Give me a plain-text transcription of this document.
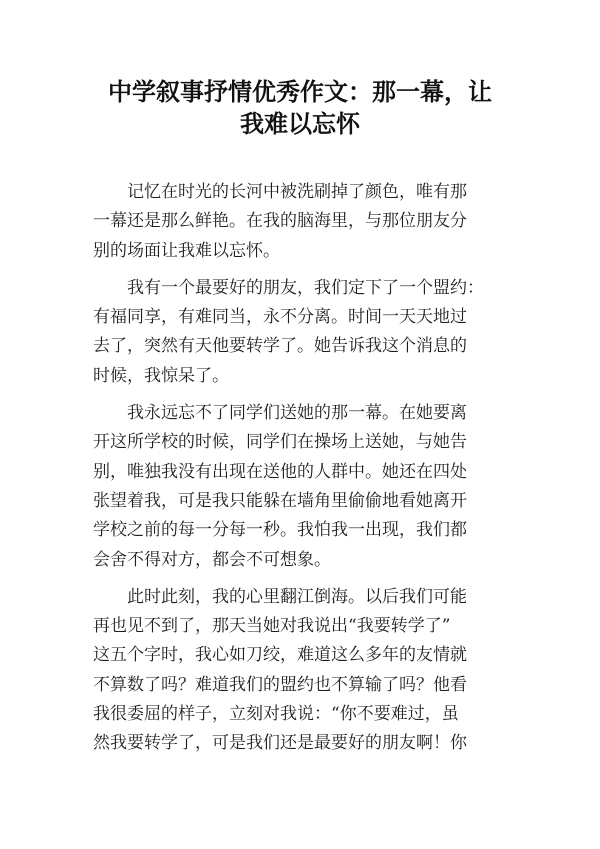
中学叙事抒情优秀作文：那一幕，让
我难以忘怀

记忆在时光的长河中被洗刷掉了颜色，唯有那
一幕还是那么鲜艳。在我的脑海里，与那位朋友分
别的场面让我难以忘怀。

我有一个最要好的朋友，我们定下了一个盟约：
有福同享，有难同当，永不分离。时间一天天地过
去了，突然有天他要转学了。她告诉我这个消息的
时候，我惊呆了。

我永远忘不了同学们送她的那一幕。在她要离
开这所学校的时候，同学们在操场上送她，与她告
别，唯独我没有出现在送他的人群中。她还在四处
张望着我，可是我只能躲在墙角里偷偷地看她离开
学校之前的每一分每一秒。我怕我一出现，我们都
会舍不得对方，都会不可想象。

此时此刻，我的心里翻江倒海。以后我们可能
再也见不到了，那天当她对我说出“我要转学了”
这五个字时，我心如刀绞，难道这么多年的友情就
不算数了吗？难道我们的盟约也不算输了吗？他看
我很委屈的样子，立刻对我说：“你不要难过，虽
然我要转学了，可是我们还是最要好的朋友啊！你
